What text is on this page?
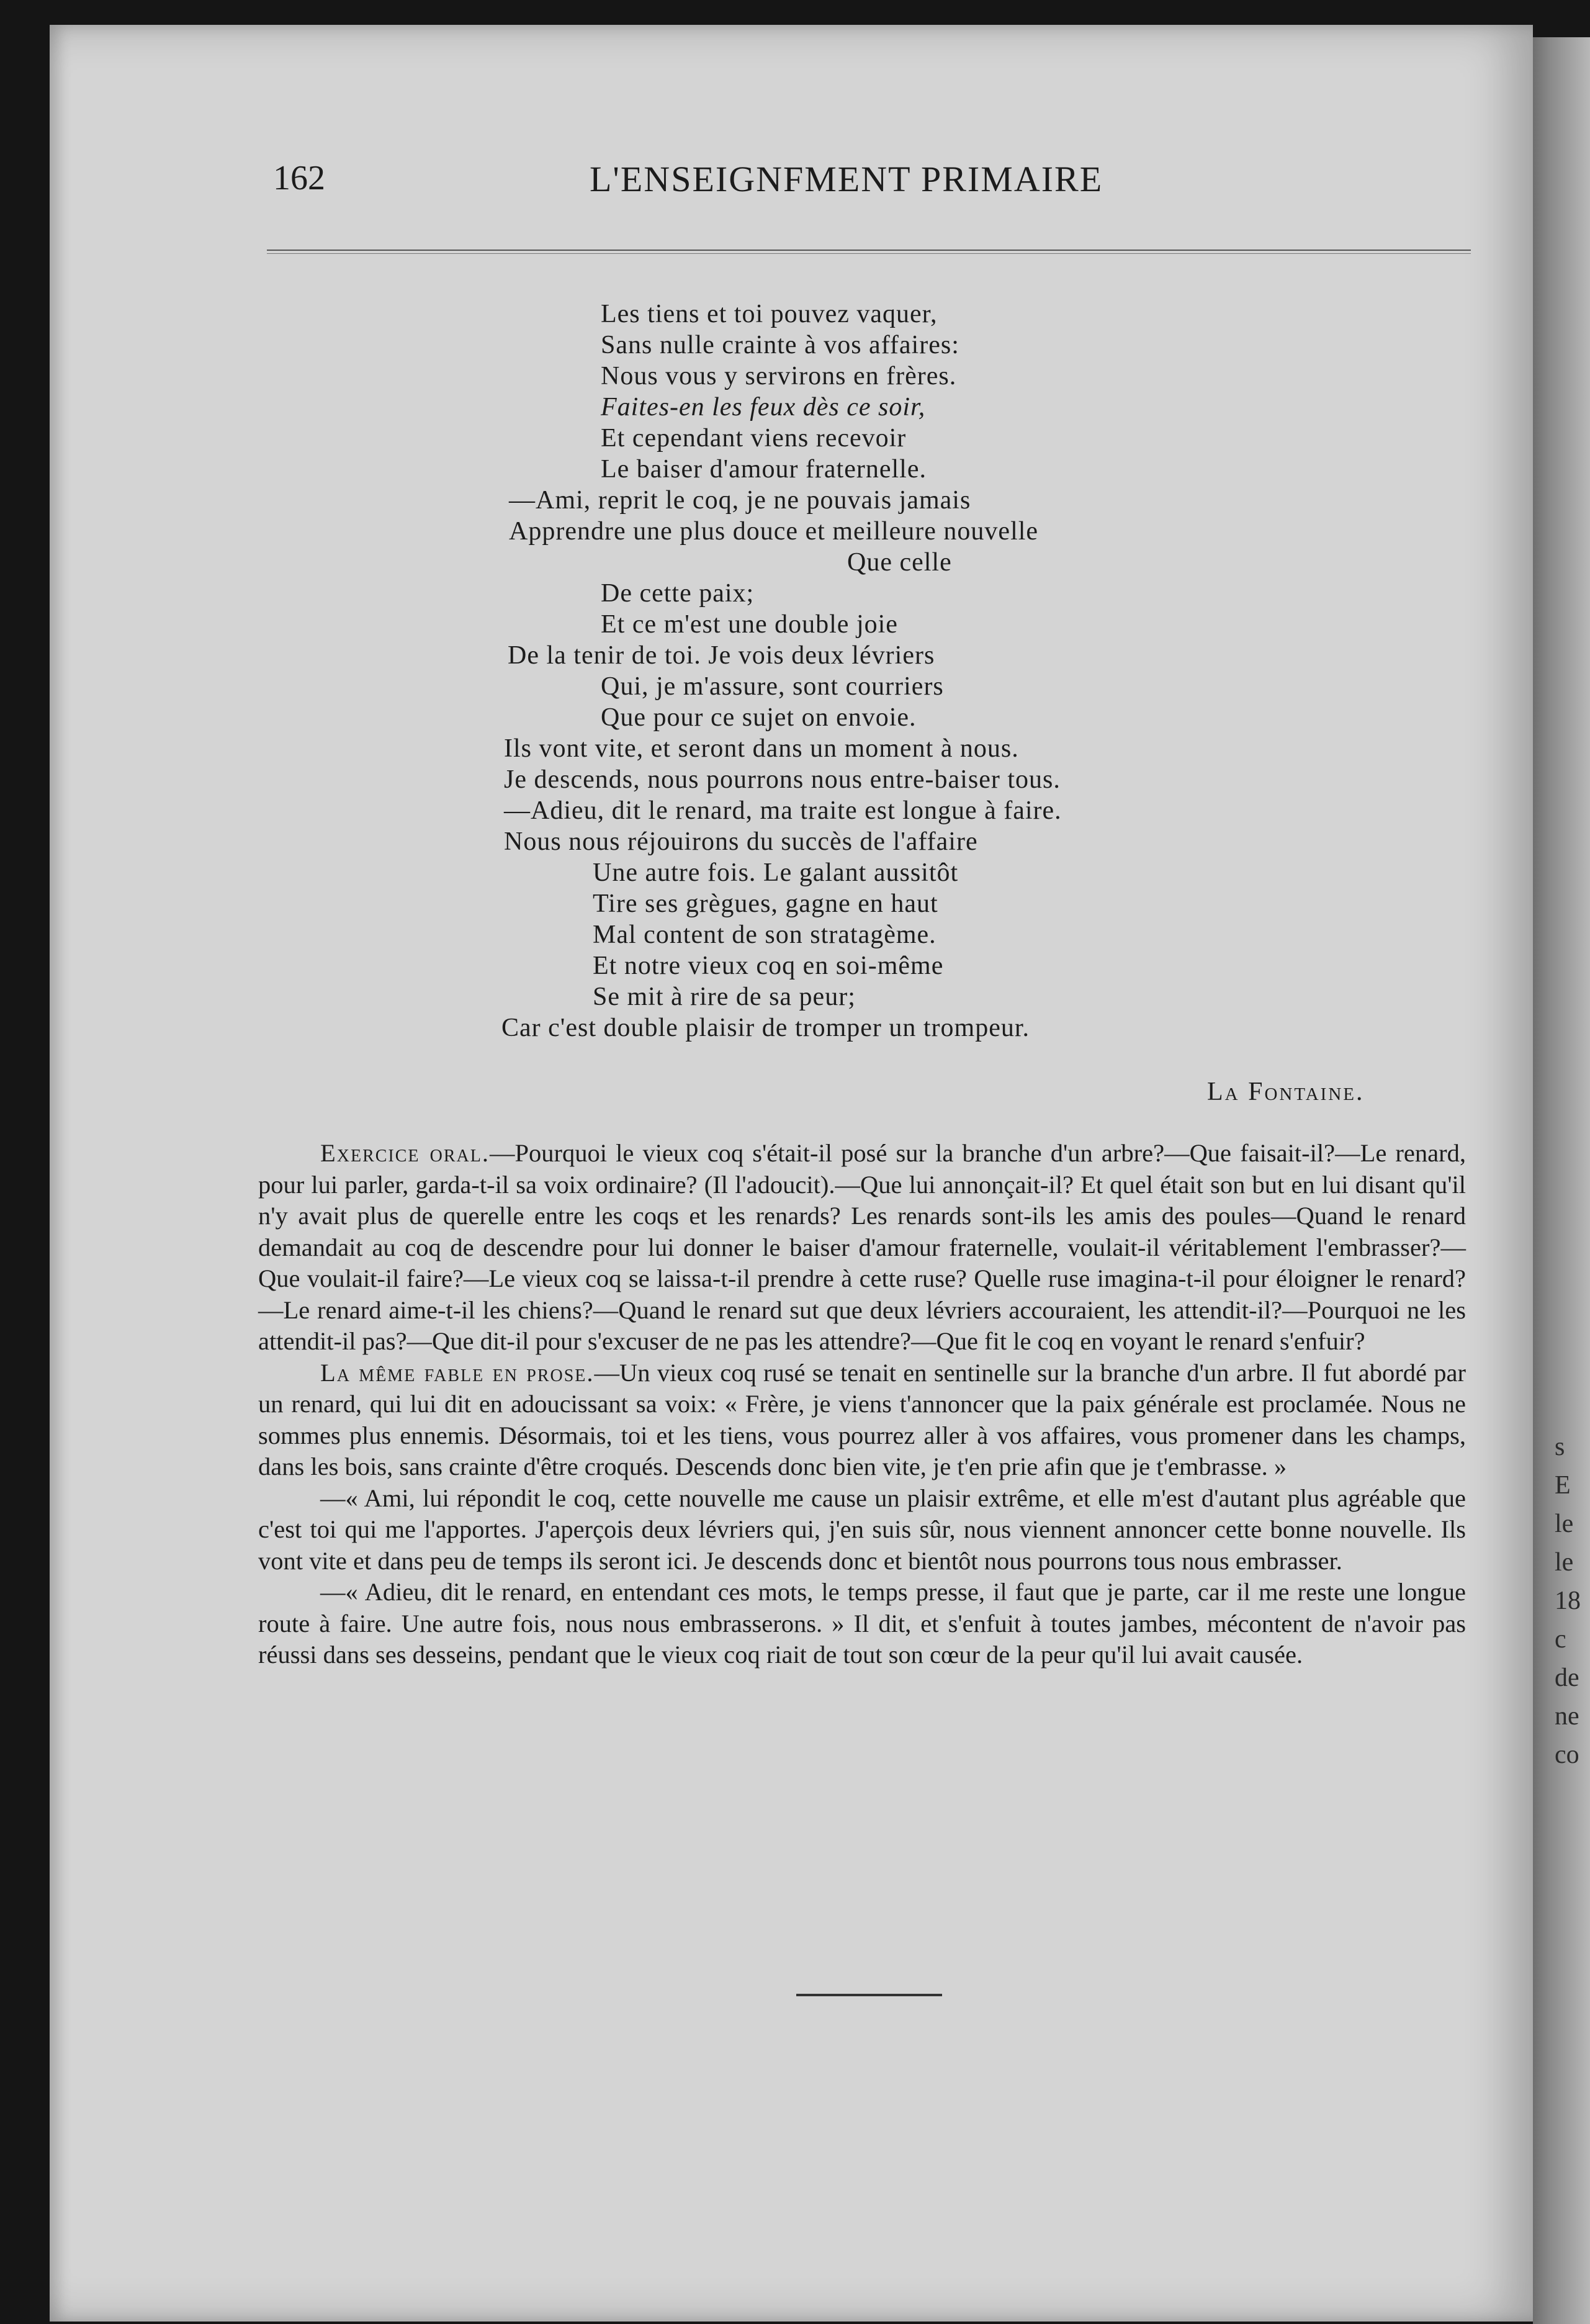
s
E
le
le
18
c
de
ne
co
162	L'ENSEIGNFMENT PRIMAIRE
Les tiens et toi pouvez vaquer,
Sans nulle crainte à vos affaires:
Nous vous y servirons en frères.
Faites-en les feux dès ce soir,
Et cependant viens recevoir
Le baiser d'amour fraternelle.
—Ami, reprit le coq, je ne pouvais jamais
Apprendre une plus douce et meilleure nouvelle
Que celle
De cette paix;
Et ce m'est une double joie
De la tenir de toi. Je vois deux lévriers
Qui, je m'assure, sont courriers
Que pour ce sujet on envoie.
Ils vont vite, et seront dans un moment à nous.
Je descends, nous pourrons nous entre-baiser tous.
—Adieu, dit le renard, ma traite est longue à faire.
Nous nous réjouirons du succès de l'affaire
Une autre fois. Le galant aussitôt
Tire ses grègues, gagne en haut
Mal content de son stratagème.
Et notre vieux coq en soi-même
Se mit à rire de sa peur;
Car c'est double plaisir de tromper un trompeur.
La Fontaine.

Exercice oral.—Pourquoi le vieux coq s'était-il posé sur la branche d'un arbre?—Que faisait-il?—Le renard, pour lui parler, garda-t-il sa voix ordinaire? (Il l'adoucit).—Que lui annonçait-il? Et quel était son but en lui disant qu'il n'y avait plus de querelle entre les coqs et les renards? Les renards sont-ils les amis des poules—Quand le renard demandait au coq de descendre pour lui donner le baiser d'amour fraternelle, voulait-il véritablement l'embrasser?—Que voulait-il faire?—Le vieux coq se laissa-t-il prendre à cette ruse? Quelle ruse imagina-t-il pour éloigner le renard?—Le renard aime-t-il les chiens?—Quand le renard sut que deux lévriers accouraient, les attendit-il?—Pourquoi ne les attendit-il pas?—Que dit-il pour s'excuser de ne pas les attendre?—Que fit le coq en voyant le renard s'enfuir?

La même fable en prose.—Un vieux coq rusé se tenait en sentinelle sur la branche d'un arbre. Il fut abordé par un renard, qui lui dit en adoucissant sa voix: « Frère, je viens t'annoncer que la paix générale est proclamée. Nous ne sommes plus ennemis. Désormais, toi et les tiens, vous pourrez aller à vos affaires, vous promener dans les champs, dans les bois, sans crainte d'être croqués. Descends donc bien vite, je t'en prie afin que je t'embrasse. »

—« Ami, lui répondit le coq, cette nouvelle me cause un plaisir extrême, et elle m'est d'autant plus agréable que c'est toi qui me l'apportes. J'aperçois deux lévriers qui, j'en suis sûr, nous viennent annoncer cette bonne nouvelle. Ils vont vite et dans peu de temps ils seront ici. Je descends donc et bientôt nous pourrons tous nous embrasser.

—« Adieu, dit le renard, en entendant ces mots, le temps presse, il faut que je parte, car il me reste une longue route à faire. Une autre fois, nous nous embrasserons. » Il dit, et s'enfuit à toutes jambes, mécontent de n'avoir pas réussi dans ses desseins, pendant que le vieux coq riait de tout son cœur de la peur qu'il lui avait causée.
